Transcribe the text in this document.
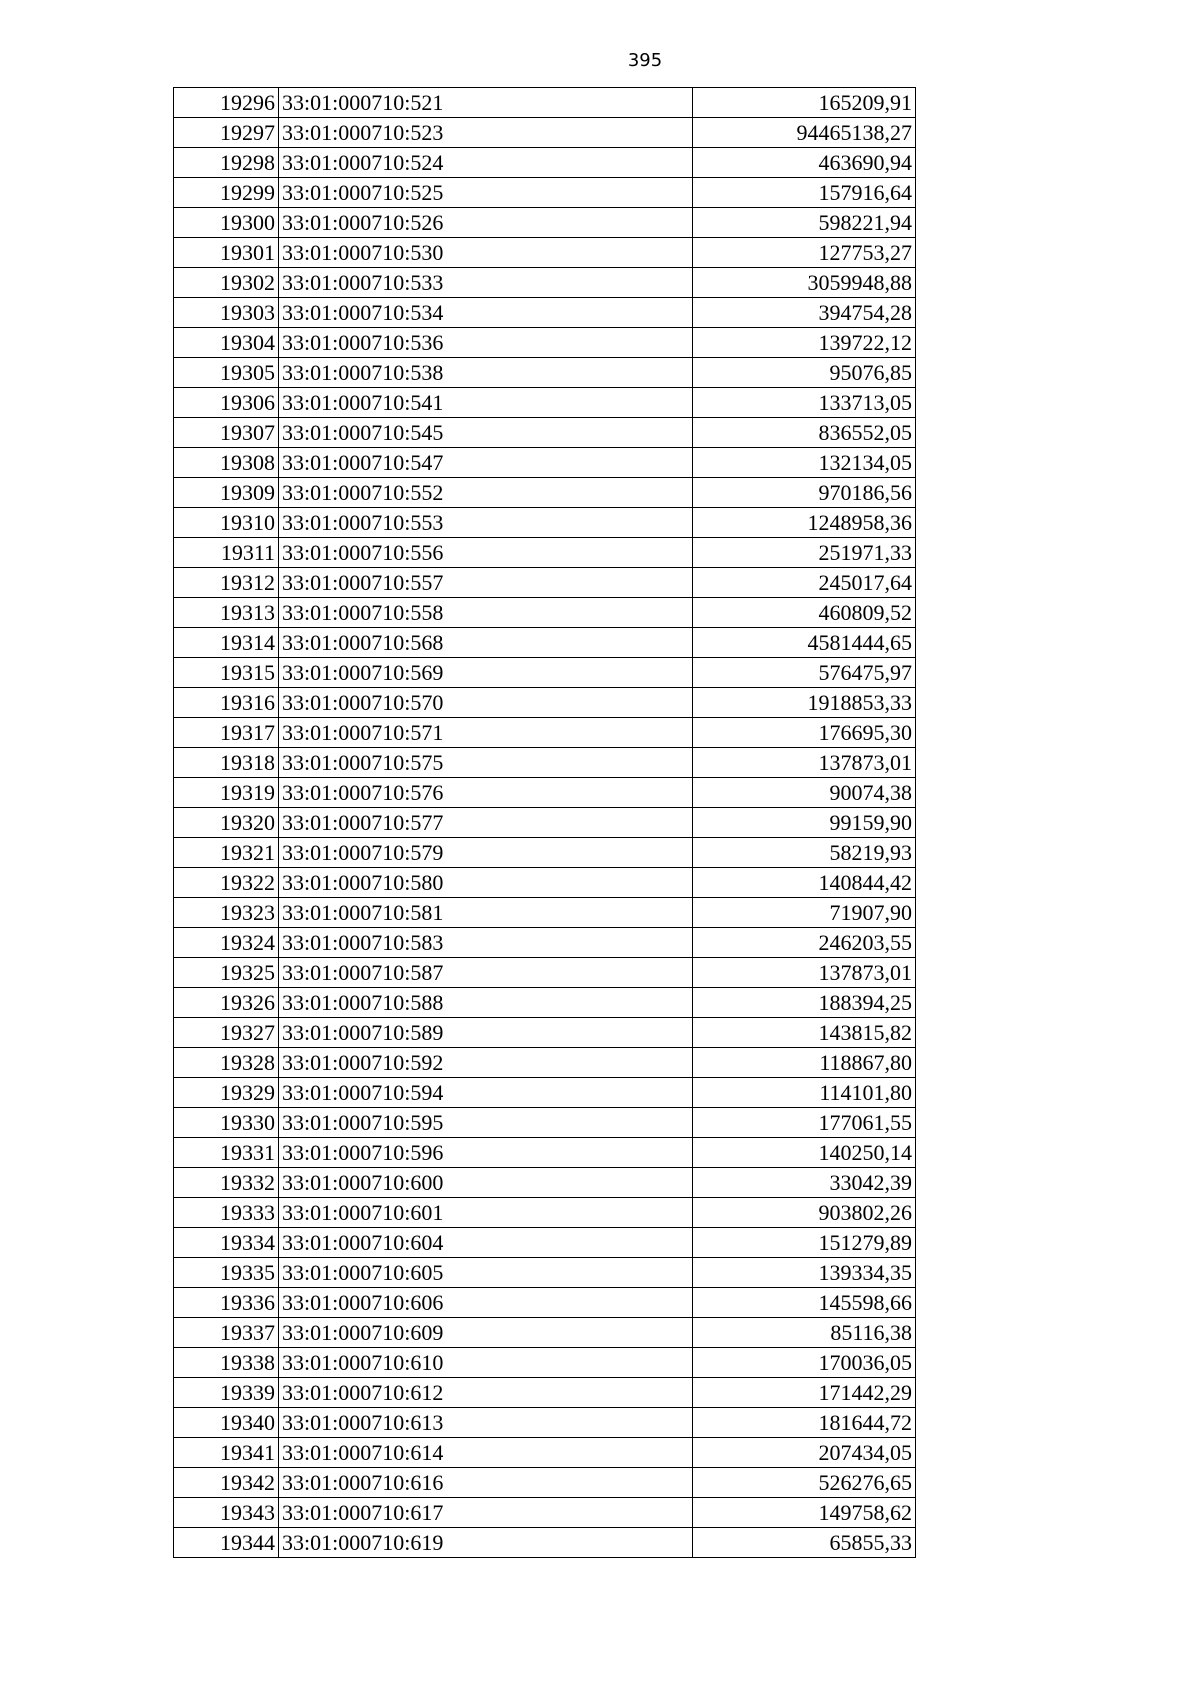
395
19296	33:01:000710:521	165209,91
19297	33:01:000710:523	94465138,27
19298	33:01:000710:524	463690,94
19299	33:01:000710:525	157916,64
19300	33:01:000710:526	598221,94
19301	33:01:000710:530	127753,27
19302	33:01:000710:533	3059948,88
19303	33:01:000710:534	394754,28
19304	33:01:000710:536	139722,12
19305	33:01:000710:538	95076,85
19306	33:01:000710:541	133713,05
19307	33:01:000710:545	836552,05
19308	33:01:000710:547	132134,05
19309	33:01:000710:552	970186,56
19310	33:01:000710:553	1248958,36
19311	33:01:000710:556	251971,33
19312	33:01:000710:557	245017,64
19313	33:01:000710:558	460809,52
19314	33:01:000710:568	4581444,65
19315	33:01:000710:569	576475,97
19316	33:01:000710:570	1918853,33
19317	33:01:000710:571	176695,30
19318	33:01:000710:575	137873,01
19319	33:01:000710:576	90074,38
19320	33:01:000710:577	99159,90
19321	33:01:000710:579	58219,93
19322	33:01:000710:580	140844,42
19323	33:01:000710:581	71907,90
19324	33:01:000710:583	246203,55
19325	33:01:000710:587	137873,01
19326	33:01:000710:588	188394,25
19327	33:01:000710:589	143815,82
19328	33:01:000710:592	118867,80
19329	33:01:000710:594	114101,80
19330	33:01:000710:595	177061,55
19331	33:01:000710:596	140250,14
19332	33:01:000710:600	33042,39
19333	33:01:000710:601	903802,26
19334	33:01:000710:604	151279,89
19335	33:01:000710:605	139334,35
19336	33:01:000710:606	145598,66
19337	33:01:000710:609	85116,38
19338	33:01:000710:610	170036,05
19339	33:01:000710:612	171442,29
19340	33:01:000710:613	181644,72
19341	33:01:000710:614	207434,05
19342	33:01:000710:616	526276,65
19343	33:01:000710:617	149758,62
19344	33:01:000710:619	65855,33
